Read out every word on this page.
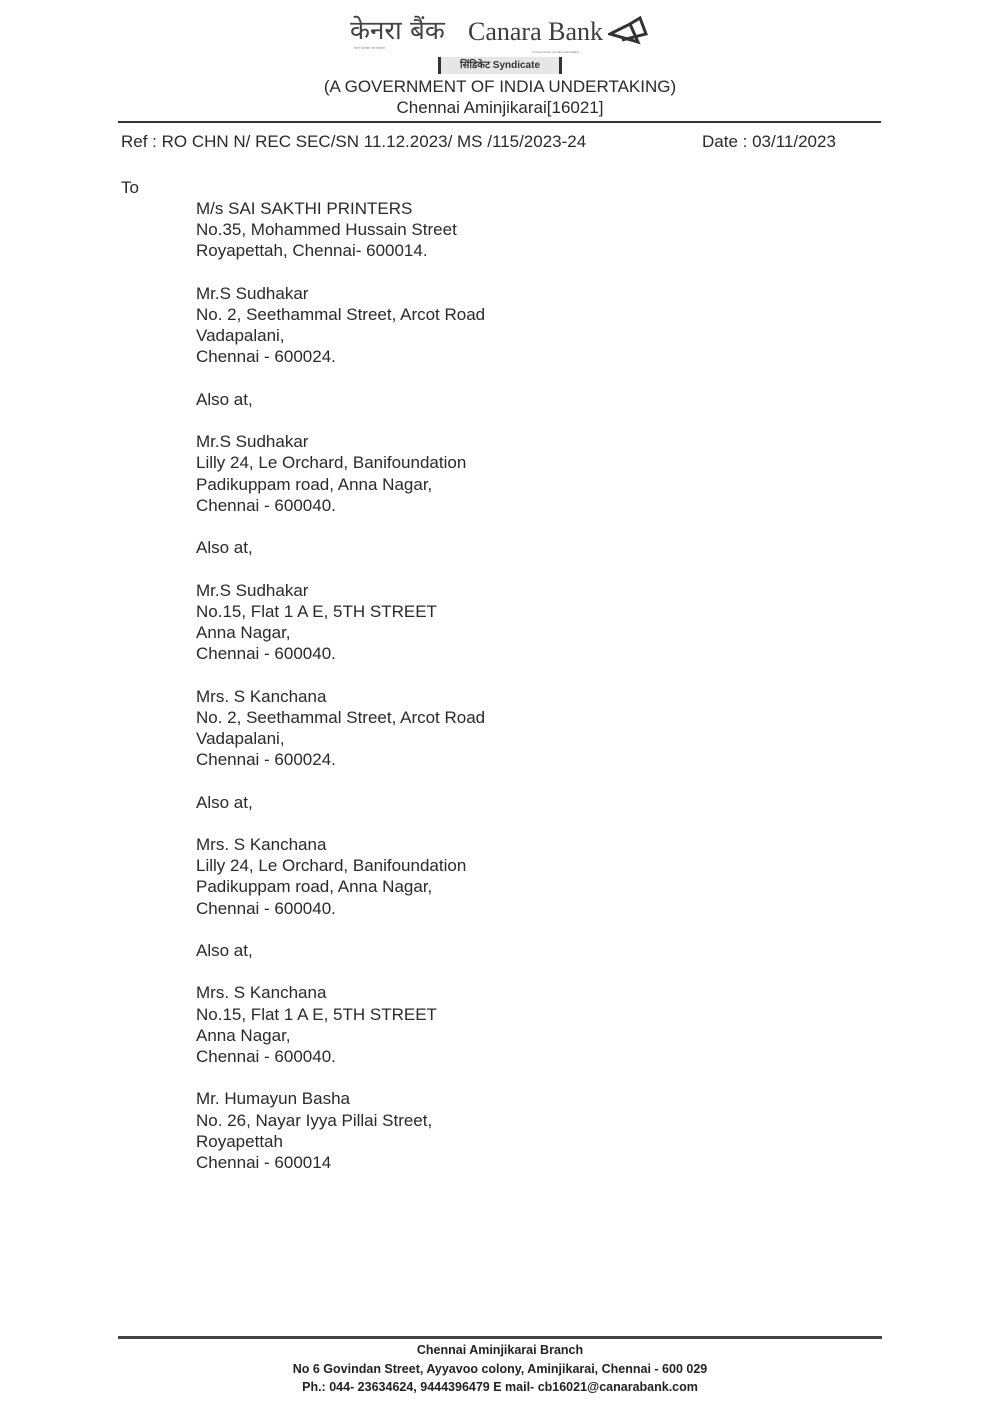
केनरा बैंक
भारत सरकार का उपक्रम
Canara Bank
A Government of India Undertaking
सिंडिकेट Syndicate
(A GOVERNMENT OF INDIA UNDERTAKING)
Chennai Aminjikarai[16021]
Ref : RO CHN N/ REC SEC/SN 11.12.2023/ MS /115/2023-24	Date : 03/11/2023
To
M/s SAI SAKTHI PRINTERS
No.35, Mohammed Hussain Street
Royapettah, Chennai- 600014.
Mr.S Sudhakar
No. 2, Seethammal Street, Arcot Road
Vadapalani,
Chennai - 600024.
Also at,
Mr.S Sudhakar
Lilly 24, Le Orchard, Banifoundation
Padikuppam road, Anna Nagar,
Chennai - 600040.
Also at,
Mr.S Sudhakar
No.15, Flat 1 A E, 5TH STREET
Anna Nagar,
Chennai - 600040.
Mrs. S Kanchana
No. 2, Seethammal Street, Arcot Road
Vadapalani,
Chennai - 600024.
Also at,
Mrs. S Kanchana
Lilly 24, Le Orchard, Banifoundation
Padikuppam road, Anna Nagar,
Chennai - 600040.
Also at,
Mrs. S Kanchana
No.15, Flat 1 A E, 5TH STREET
Anna Nagar,
Chennai - 600040.
Mr. Humayun Basha
No. 26, Nayar Iyya Pillai Street,
Royapettah
Chennai - 600014
Chennai Aminjikarai Branch
No 6 Govindan Street, Ayyavoo colony, Aminjikarai, Chennai - 600 029
Ph.: 044- 23634624, 9444396479 E mail- cb16021@canarabank.com
